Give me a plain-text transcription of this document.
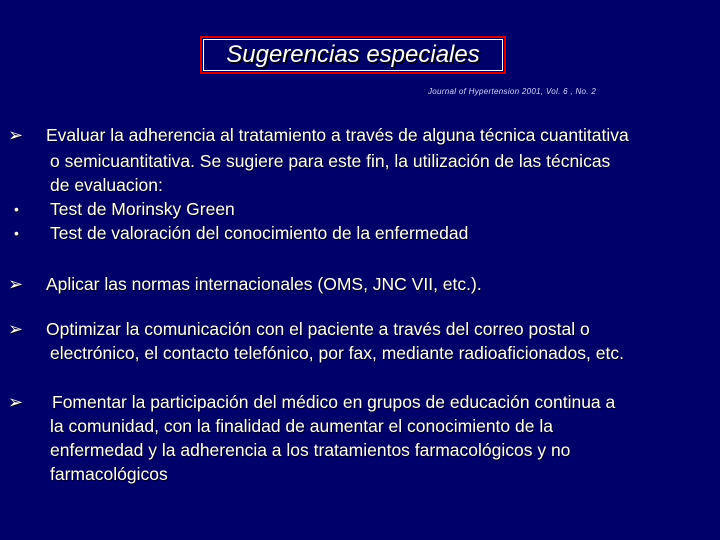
Sugerencias especiales
Journal of Hypertension 2001, Vol. 6 , No. 2
➢ Evaluar la adherencia al tratamiento a través de alguna técnica cuantitativa
o semicuantitativa. Se sugiere para este fin, la utilización de las técnicas
de evaluacion:
• Test de Morinsky Green
• Test de valoración del conocimiento de la enfermedad
➢ Aplicar las normas internacionales (OMS, JNC VII, etc.).
➢ Optimizar la comunicación con el paciente a través del correo postal o
electrónico, el contacto telefónico, por fax, mediante radioaficionados, etc.
➢ Fomentar la participación del médico en grupos de educación continua a
la comunidad, con la finalidad de aumentar el conocimiento de la
enfermedad y la adherencia a los tratamientos farmacológicos y no
farmacológicos
